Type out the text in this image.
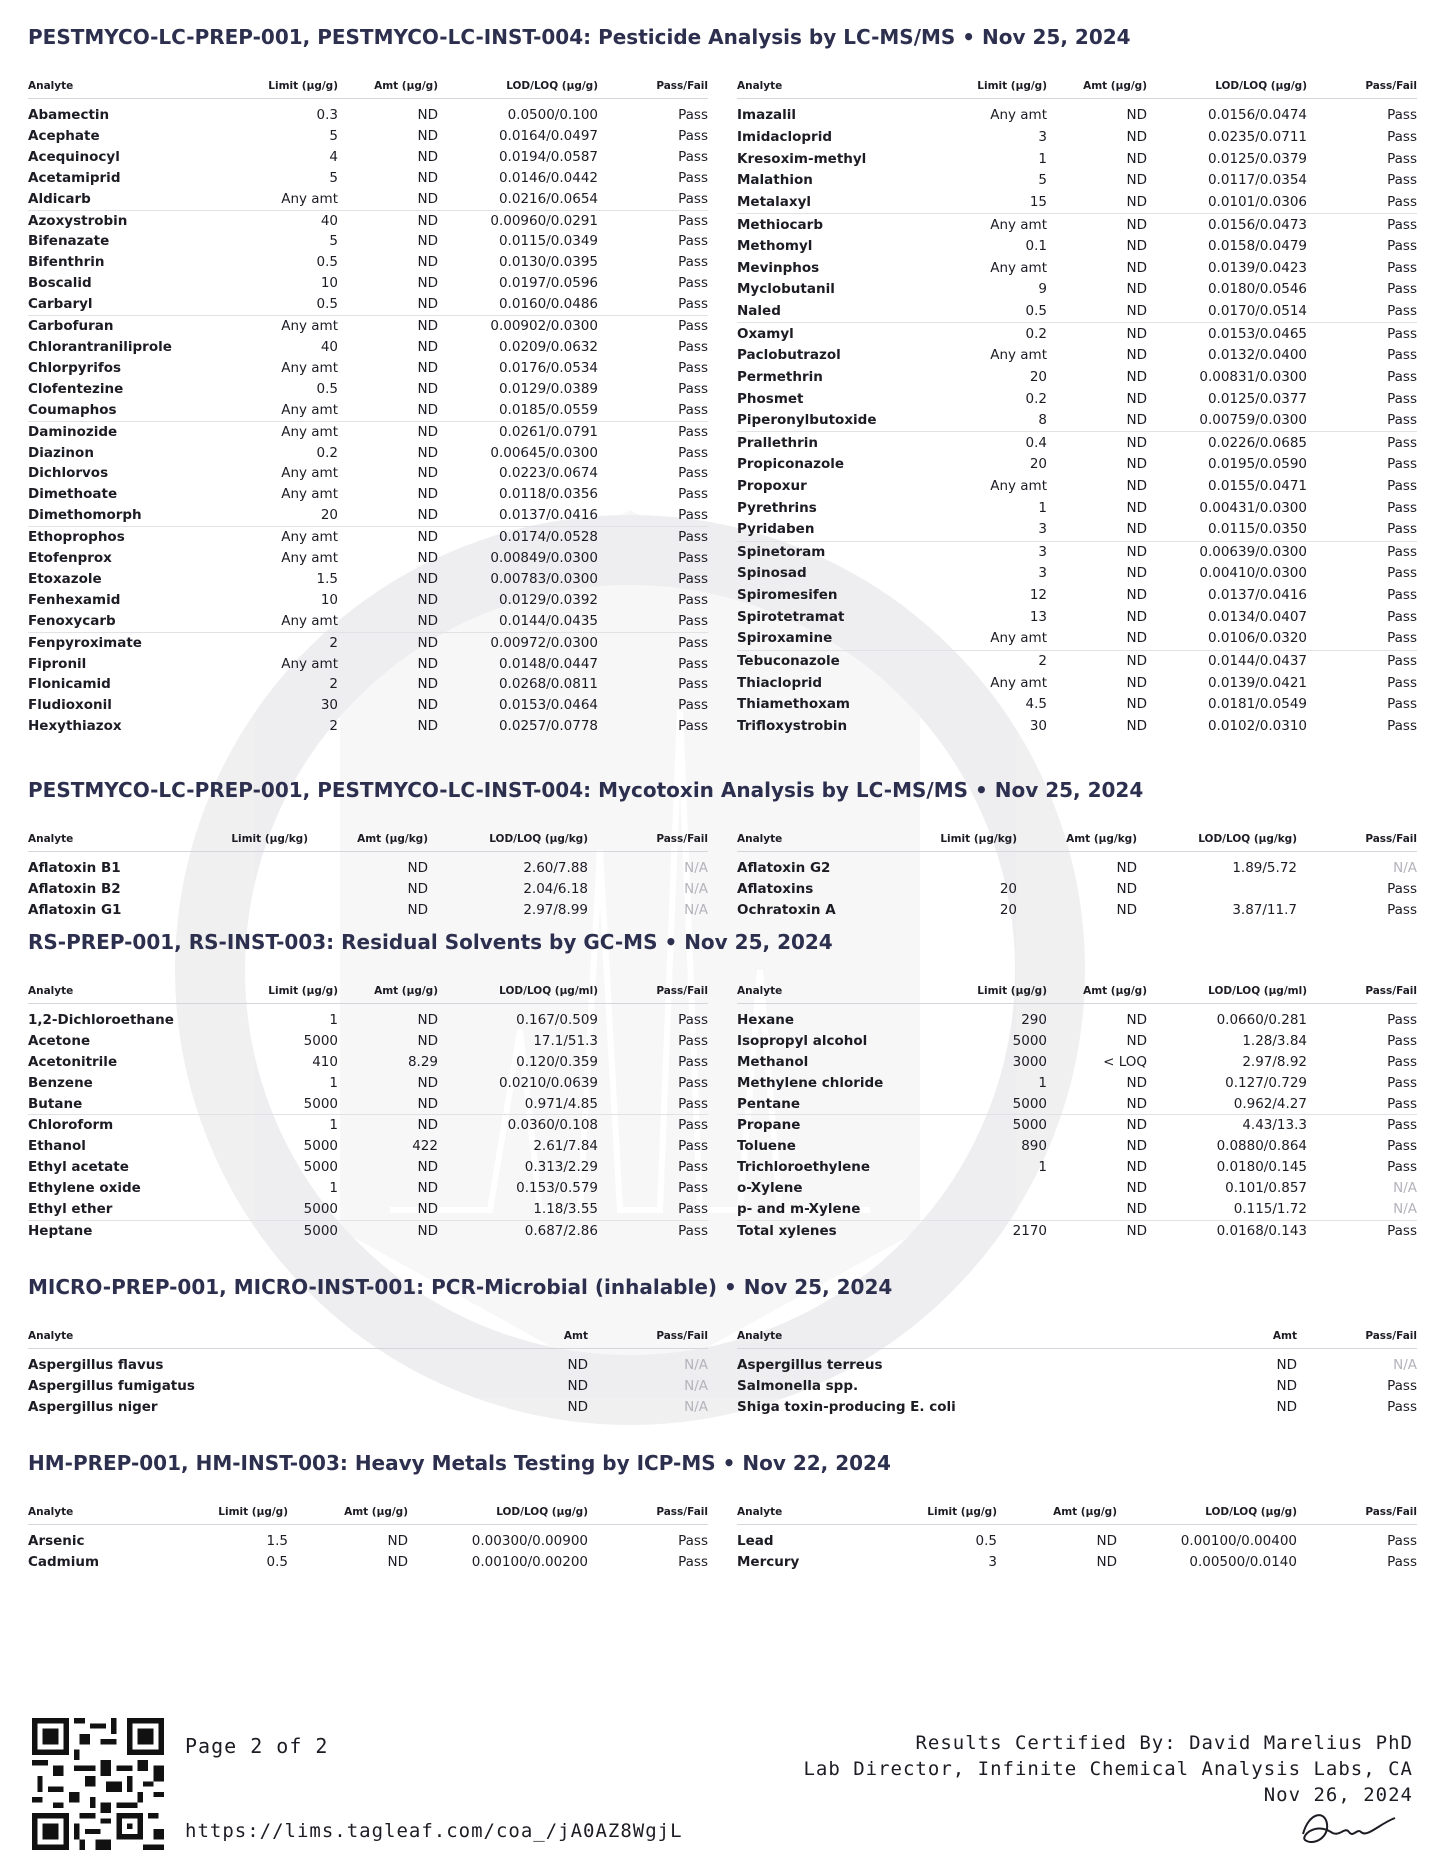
PESTMYCO-LC-PREP-001, PESTMYCO-LC-INST-004: Pesticide Analysis by LC-MS/MS • Nov 25, 2024
Analyte	Limit (µg/g)	Amt (µg/g)	LOD/LOQ (µg/g)	Pass/Fail
Abamectin	0.3	ND	0.0500/0.100	Pass
Acephate	5	ND	0.0164/0.0497	Pass
Acequinocyl	4	ND	0.0194/0.0587	Pass
Acetamiprid	5	ND	0.0146/0.0442	Pass
Aldicarb	Any amt	ND	0.0216/0.0654	Pass
Azoxystrobin	40	ND	0.00960/0.0291	Pass
Bifenazate	5	ND	0.0115/0.0349	Pass
Bifenthrin	0.5	ND	0.0130/0.0395	Pass
Boscalid	10	ND	0.0197/0.0596	Pass
Carbaryl	0.5	ND	0.0160/0.0486	Pass
Carbofuran	Any amt	ND	0.00902/0.0300	Pass
Chlorantraniliprole	40	ND	0.0209/0.0632	Pass
Chlorpyrifos	Any amt	ND	0.0176/0.0534	Pass
Clofentezine	0.5	ND	0.0129/0.0389	Pass
Coumaphos	Any amt	ND	0.0185/0.0559	Pass
Daminozide	Any amt	ND	0.0261/0.0791	Pass
Diazinon	0.2	ND	0.00645/0.0300	Pass
Dichlorvos	Any amt	ND	0.0223/0.0674	Pass
Dimethoate	Any amt	ND	0.0118/0.0356	Pass
Dimethomorph	20	ND	0.0137/0.0416	Pass
Ethoprophos	Any amt	ND	0.0174/0.0528	Pass
Etofenprox	Any amt	ND	0.00849/0.0300	Pass
Etoxazole	1.5	ND	0.00783/0.0300	Pass
Fenhexamid	10	ND	0.0129/0.0392	Pass
Fenoxycarb	Any amt	ND	0.0144/0.0435	Pass
Fenpyroximate	2	ND	0.00972/0.0300	Pass
Fipronil	Any amt	ND	0.0148/0.0447	Pass
Flonicamid	2	ND	0.0268/0.0811	Pass
Fludioxonil	30	ND	0.0153/0.0464	Pass
Hexythiazox	2	ND	0.0257/0.0778	Pass
Analyte	Limit (µg/g)	Amt (µg/g)	LOD/LOQ (µg/g)	Pass/Fail
Imazalil	Any amt	ND	0.0156/0.0474	Pass
Imidacloprid	3	ND	0.0235/0.0711	Pass
Kresoxim-methyl	1	ND	0.0125/0.0379	Pass
Malathion	5	ND	0.0117/0.0354	Pass
Metalaxyl	15	ND	0.0101/0.0306	Pass
Methiocarb	Any amt	ND	0.0156/0.0473	Pass
Methomyl	0.1	ND	0.0158/0.0479	Pass
Mevinphos	Any amt	ND	0.0139/0.0423	Pass
Myclobutanil	9	ND	0.0180/0.0546	Pass
Naled	0.5	ND	0.0170/0.0514	Pass
Oxamyl	0.2	ND	0.0153/0.0465	Pass
Paclobutrazol	Any amt	ND	0.0132/0.0400	Pass
Permethrin	20	ND	0.00831/0.0300	Pass
Phosmet	0.2	ND	0.0125/0.0377	Pass
Piperonylbutoxide	8	ND	0.00759/0.0300	Pass
Prallethrin	0.4	ND	0.0226/0.0685	Pass
Propiconazole	20	ND	0.0195/0.0590	Pass
Propoxur	Any amt	ND	0.0155/0.0471	Pass
Pyrethrins	1	ND	0.00431/0.0300	Pass
Pyridaben	3	ND	0.0115/0.0350	Pass
Spinetoram	3	ND	0.00639/0.0300	Pass
Spinosad	3	ND	0.00410/0.0300	Pass
Spiromesifen	12	ND	0.0137/0.0416	Pass
Spirotetramat	13	ND	0.0134/0.0407	Pass
Spiroxamine	Any amt	ND	0.0106/0.0320	Pass
Tebuconazole	2	ND	0.0144/0.0437	Pass
Thiacloprid	Any amt	ND	0.0139/0.0421	Pass
Thiamethoxam	4.5	ND	0.0181/0.0549	Pass
Trifloxystrobin	30	ND	0.0102/0.0310	Pass
PESTMYCO-LC-PREP-001, PESTMYCO-LC-INST-004: Mycotoxin Analysis by LC-MS/MS • Nov 25, 2024
Analyte	Limit (µg/kg)	Amt (µg/kg)	LOD/LOQ (µg/kg)	Pass/Fail
Aflatoxin B1		ND	2.60/7.88	N/A
Aflatoxin B2		ND	2.04/6.18	N/A
Aflatoxin G1		ND	2.97/8.99	N/A
Analyte	Limit (µg/kg)	Amt (µg/kg)	LOD/LOQ (µg/kg)	Pass/Fail
Aflatoxin G2		ND	1.89/5.72	N/A
Aflatoxins	20	ND		Pass
Ochratoxin A	20	ND	3.87/11.7	Pass
RS-PREP-001, RS-INST-003: Residual Solvents by GC-MS • Nov 25, 2024
Analyte	Limit (µg/g)	Amt (µg/g)	LOD/LOQ (µg/ml)	Pass/Fail
1,2-Dichloroethane	1	ND	0.167/0.509	Pass
Acetone	5000	ND	17.1/51.3	Pass
Acetonitrile	410	8.29	0.120/0.359	Pass
Benzene	1	ND	0.0210/0.0639	Pass
Butane	5000	ND	0.971/4.85	Pass
Chloroform	1	ND	0.0360/0.108	Pass
Ethanol	5000	422	2.61/7.84	Pass
Ethyl acetate	5000	ND	0.313/2.29	Pass
Ethylene oxide	1	ND	0.153/0.579	Pass
Ethyl ether	5000	ND	1.18/3.55	Pass
Heptane	5000	ND	0.687/2.86	Pass
Analyte	Limit (µg/g)	Amt (µg/g)	LOD/LOQ (µg/ml)	Pass/Fail
Hexane	290	ND	0.0660/0.281	Pass
Isopropyl alcohol	5000	ND	1.28/3.84	Pass
Methanol	3000	< LOQ	2.97/8.92	Pass
Methylene chloride	1	ND	0.127/0.729	Pass
Pentane	5000	ND	0.962/4.27	Pass
Propane	5000	ND	4.43/13.3	Pass
Toluene	890	ND	0.0880/0.864	Pass
Trichloroethylene	1	ND	0.0180/0.145	Pass
o-Xylene		ND	0.101/0.857	N/A
p- and m-Xylene		ND	0.115/1.72	N/A
Total xylenes	2170	ND	0.0168/0.143	Pass
MICRO-PREP-001, MICRO-INST-001: PCR-Microbial (inhalable) • Nov 25, 2024
Analyte	Amt	Pass/Fail
Aspergillus flavus	ND	N/A
Aspergillus fumigatus	ND	N/A
Aspergillus niger	ND	N/A
Analyte	Amt	Pass/Fail
Aspergillus terreus	ND	N/A
Salmonella spp.	ND	Pass
Shiga toxin-producing E. coli	ND	Pass
HM-PREP-001, HM-INST-003: Heavy Metals Testing by ICP-MS • Nov 22, 2024
Analyte	Limit (µg/g)	Amt (µg/g)	LOD/LOQ (µg/g)	Pass/Fail
Arsenic	1.5	ND	0.00300/0.00900	Pass
Cadmium	0.5	ND	0.00100/0.00200	Pass
Analyte	Limit (µg/g)	Amt (µg/g)	LOD/LOQ (µg/g)	Pass/Fail
Lead	0.5	ND	0.00100/0.00400	Pass
Mercury	3	ND	0.00500/0.0140	Pass
Page 2 of 2
https://lims.tagleaf.com/coa_/jA0AZ8WgjL
Results Certified By: David Marelius PhD
Lab Director, Infinite Chemical Analysis Labs, CA
Nov 26, 2024
